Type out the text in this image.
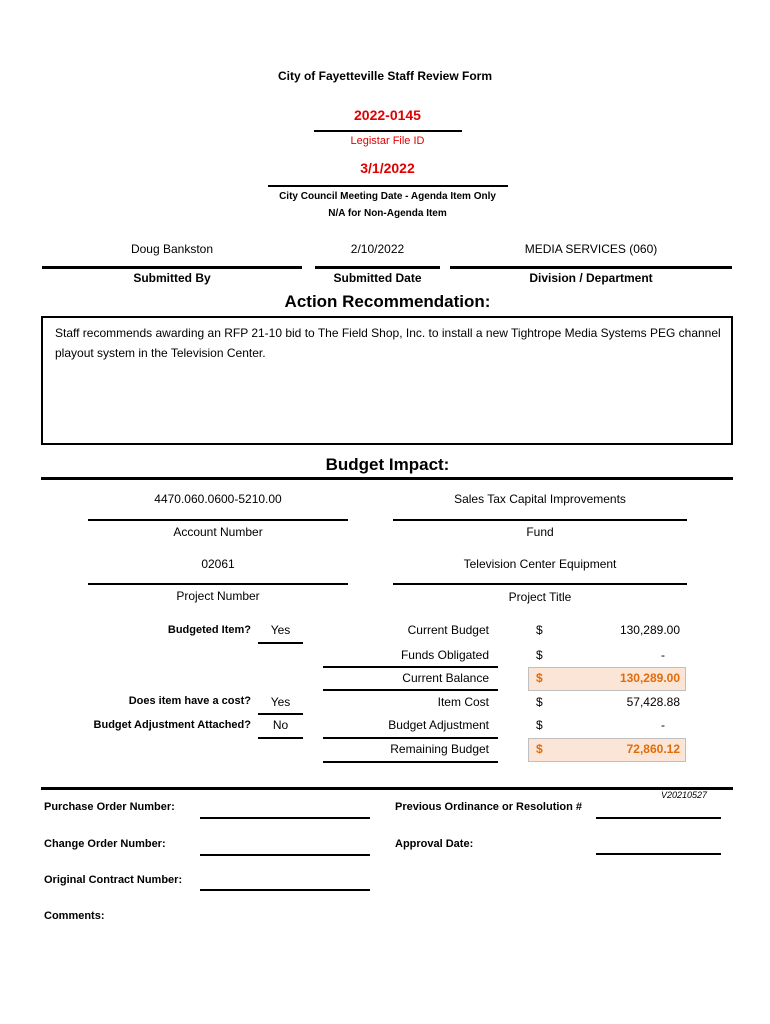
City of Fayetteville Staff Review Form
2022-0145
Legistar File ID
3/1/2022
City Council Meeting Date - Agenda Item Only
N/A for Non-Agenda Item
Doug Bankston
Submitted By
2/10/2022
Submitted Date
MEDIA SERVICES (060)
Division / Department
Action Recommendation:
Staff recommends awarding an RFP 21-10 bid to The Field Shop, Inc. to install a new Tightrope Media Systems PEG channel playout system in the Television Center.
Budget Impact:
4470.060.0600-5210.00
Account Number
Sales Tax Capital Improvements
Fund
02061
Project Number
Television Center Equipment
Project Title
Budgeted Item?	Yes
Does item have a cost?	Yes
Budget Adjustment Attached?	No
Current Budget	$	130,289.00
Funds Obligated	$	-
Current Balance	$	130,289.00
Item Cost	$	57,428.88
Budget Adjustment	$	-
Remaining Budget	$	72,860.12
V20210527
Purchase Order Number:
Change Order Number:
Original Contract Number:
Comments:
Previous Ordinance or Resolution #
Approval Date:
